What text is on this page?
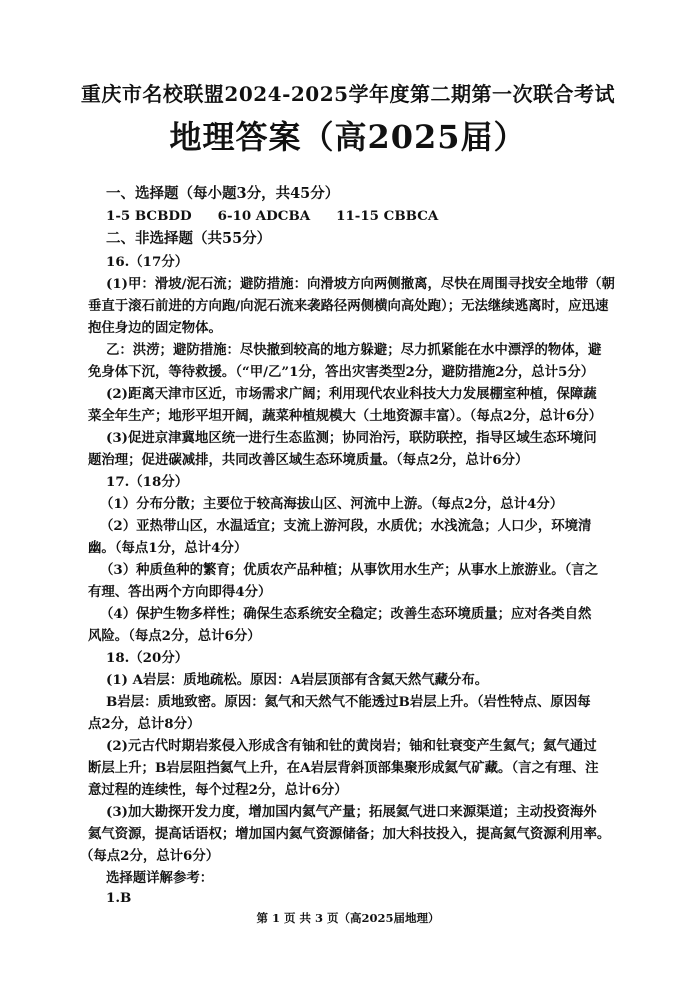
重庆市名校联盟2024-2025学年度第二期第一次联合考试
地理答案（高2025届）
一、选择题（每小题3分，共45分）
1-5 BCBDD 6-10 ADCBA 11-15 CBBCA
二、非选择题（共55分）
16.（17分）
(1)甲：滑坡/泥石流；避防措施：向滑坡方向两侧撤离，尽快在周围寻找安全地带（朝
垂直于滚石前进的方向跑/向泥石流来袭路径两侧横向高处跑）；无法继续逃离时，应迅速
抱住身边的固定物体。
乙：洪涝；避防措施：尽快撤到较高的地方躲避；尽力抓紧能在水中漂浮的物体，避
免身体下沉，等待救援。（“甲/乙”1分，答出灾害类型2分，避防措施2分，总计5分）
(2)距离天津市区近，市场需求广阔；利用现代农业科技大力发展棚室种植，保障蔬
菜全年生产；地形平坦开阔，蔬菜种植规模大（土地资源丰富）。（每点2分，总计6分）
(3)促进京津冀地区统一进行生态监测；协同治污，联防联控，指导区域生态环境问
题治理；促进碳减排，共同改善区域生态环境质量。（每点2分，总计6分）
17.（18分）
（1）分布分散；主要位于较高海拔山区、河流中上游。（每点2分，总计4分）
（2）亚热带山区，水温适宜；支流上游河段，水质优；水浅流急；人口少，环境清
幽。（每点1分，总计4分）
（3）种质鱼种的繁育；优质农产品种植；从事饮用水生产；从事水上旅游业。（言之
有理、答出两个方向即得4分）
（4）保护生物多样性；确保生态系统安全稳定；改善生态环境质量；应对各类自然
风险。（每点2分，总计6分）
18.（20分）
(1) A岩层：质地疏松。原因：A岩层顶部有含氦天然气藏分布。
B岩层：质地致密。原因：氦气和天然气不能透过B岩层上升。（岩性特点、原因每
点2分，总计8分）
(2)元古代时期岩浆侵入形成含有铀和钍的黄岗岩；铀和钍衰变产生氦气；氦气通过
断层上升；B岩层阻挡氦气上升，在A岩层背斜顶部集聚形成氦气矿藏。（言之有理、注
意过程的连续性，每个过程2分，总计6分）
(3)加大勘探开发力度，增加国内氦气产量；拓展氦气进口来源渠道；主动投资海外
氦气资源，提高话语权；增加国内氦气资源储备；加大科技投入，提高氦气资源利用率。
（每点2分，总计6分）
选择题详解参考：
1.B
第 1 页 共 3 页（高2025届地理）
